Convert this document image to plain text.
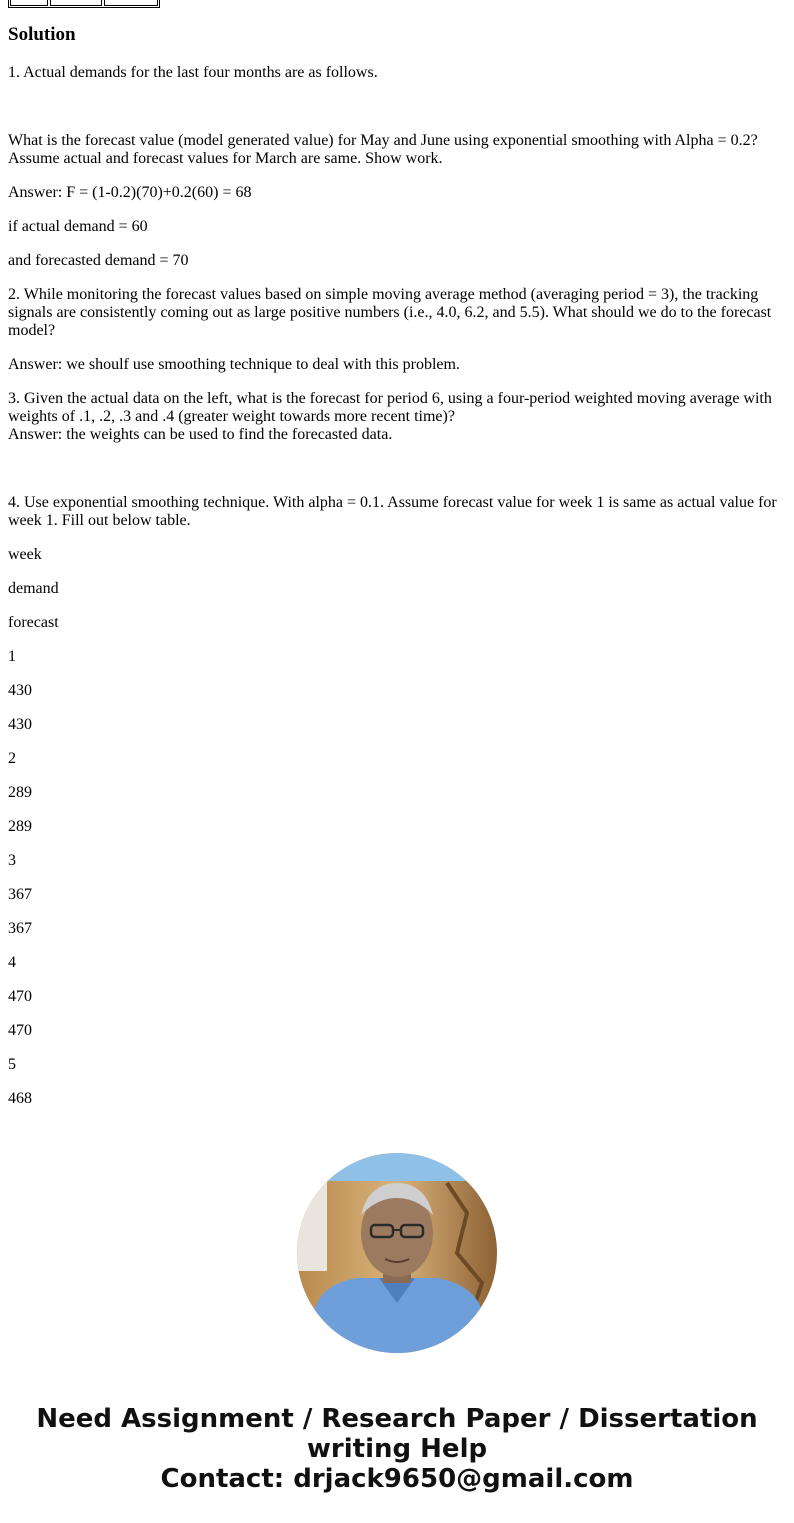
Solution

1. Actual demands for the last four months are as follows.

What is the forecast value (model generated value) for May and June using exponential smoothing with Alpha = 0.2? Assume actual and forecast values for March are same. Show work.

Answer: F = (1-0.2)(70)+0.2(60) = 68

if actual demand = 60

and forecasted demand = 70

2. While monitoring the forecast values based on simple moving average method (averaging period = 3), the tracking signals are consistently coming out as large positive numbers (i.e., 4.0, 6.2, and 5.5). What should we do to the forecast model?

Answer: we shoulf use smoothing technique to deal with this problem.

3. Given the actual data on the left, what is the forecast for period 6, using a four-period weighted moving average with weights of .1, .2, .3 and .4 (greater weight towards more recent time)?

Answer: the weights can be used to find the forecasted data.

4. Use exponential smoothing technique. With alpha = 0.1. Assume forecast value for week 1 is same as actual value for week 1. Fill out below table.

week

demand

forecast

1

430

430

2

289

289

3

367

367

4

470

470

5

468

Need Assignment / Research Paper / Dissertation
writing Help
Contact: drjack9650@gmail.com
